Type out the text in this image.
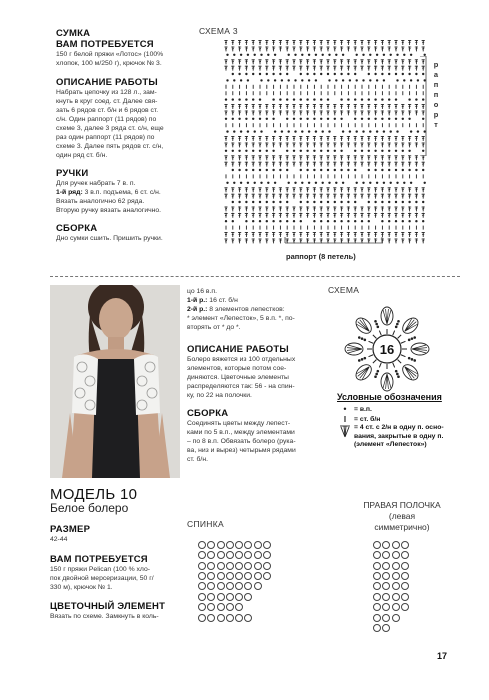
СУМКА
ВАМ ПОТРЕБУЕТСЯ
150 г белой пряжи «Лотос» (100%
хлопок, 100 м/250 г), крючок № 3.
ОПИСАНИЕ РАБОТЫ
Набрать цепочку из 128 л., зам-
кнуть в круг соед. ст. Далее свя-
зать 6 рядов ст. б/н и 6 рядов ст.
с/н. Один раппорт (11 рядов) по
схеме 3, далее 3 ряда ст. с/н, еще
раз один раппорт (11 рядов) по
схеме 3. Далее пять рядов ст. с/н,
один ряд ст. б/н.
РУЧКИ
Для ручек набрать 7 в. п.
1-й ряд: 3 в.п. подъема, 6 ст. с/н.
Вязать аналогично 62 ряда.
Вторую ручку вязать аналогично.
СБОРКА
Дно сумки сшить. Пришить ручки.
СХЕМА 3
р
а
п
п
о
р
т
раппорт (8 петель)
цо 16 в.п.
1-й р.: 16 ст. б/н
2-й р.: 8 элементов лепестков:
* элемент «Лепесток», 5 в.п. *, по-
вторять от * до *.
ОПИСАНИЕ РАБОТЫ
Болеро вяжется из 100 отдельных
элементов, которые потом сое-
диняются. Цветочные элементы
распределяются так: 56 - на спин-
ку, по 22 на полочки.
СБОРКА
Соединять цветы между лепест-
ками по 5 в.п., между элементами
– по 8 в.п. Обвязать болеро (рука-
ва, низ и вырез) четырьмя рядами
ст. б/н.
СХЕМА
16
Условные обозначения
•	= в.п.
I	= ст. б/н
= 4 ст. с 2/н в одну п. осно-
вания, закрытые в одну п.
(элемент «Лепесток»)
МОДЕЛЬ 10
Белое болеро
РАЗМЕР
42-44
ВАМ ПОТРЕБУЕТСЯ
150 г пряжи Pelican (100 % хло-
пок двойной мерсеризации, 50 г/
330 м), крючок № 1.
ЦВЕТОЧНЫЙ ЭЛЕМЕНТ
Вязать по схеме. Замкнуть в коль-
СПИНКА
ПРАВАЯ ПОЛОЧКА
(левая
симметрично)
17
